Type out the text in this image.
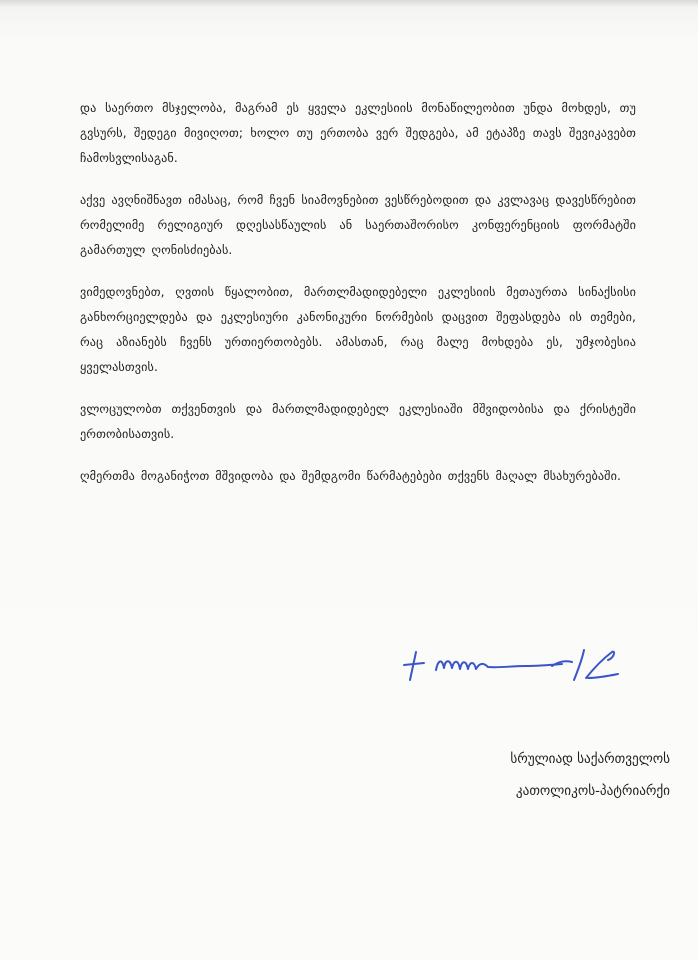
და საერთო მსჯელობა, მაგრამ ეს ყველა ეკლესიის მონაწილეობით უნდა მოხდეს, თუ გვსურს, შედეგი მივიღოთ; ხოლო თუ ერთობა ვერ შედგება, ამ ეტაპზე თავს შევიკავებთ ჩამოსვლისაგან.

აქვე ავღნიშნავთ იმასაც, რომ ჩვენ სიამოვნებით ვესწრებოდით და კვლავაც დავესწრებით რომელიმე რელიგიურ დღესასწაულის ან საერთაშორისო კონფერენციის ფორმატში გამართულ ღონისძიებას.

ვიმედოვნებთ, ღვთის წყალობით, მართლმადიდებელი ეკლესიის მეთაურთა სინაქსისი განხორციელდება და ეკლესიური კანონიკური ნორმების დაცვით შეფასდება ის თემები, რაც აზიანებს ჩვენს ურთიერთობებს. ამასთან, რაც მალე მოხდება ეს, უმჯობესია ყველასთვის.

ვლოცულობთ თქვენთვის და მართლმადიდებელ ეკლესიაში მშვიდობისა და ქრისტეში ერთობისათვის.

ღმერთმა მოგანიჭოთ მშვიდობა და შემდგომი წარმატებები თქვენს მაღალ მსახურებაში.

სრულიად საქართველოს
კათოლიკოს-პატრიარქი
